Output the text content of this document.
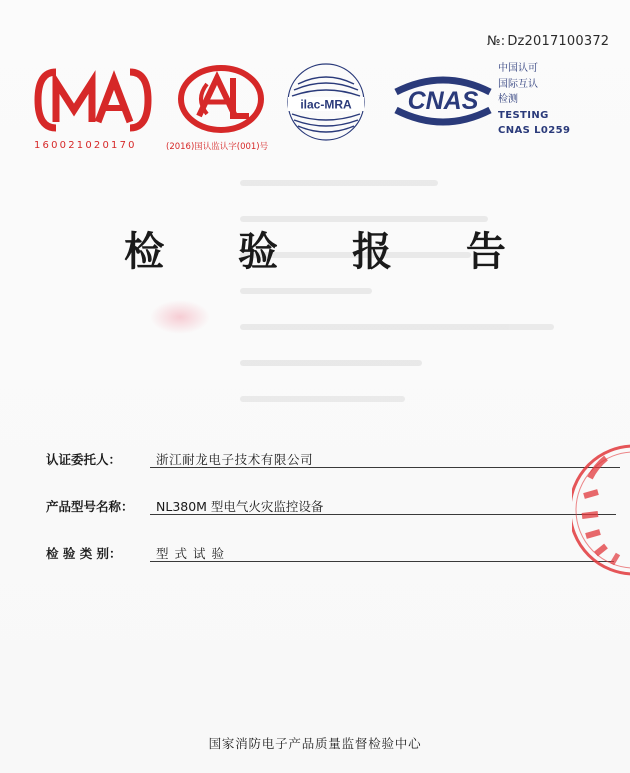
№: Dz2017100372
160021020170	(2016)国认监认字(001)号
ilac-MRA CNAS
中国认可
国际互认
检测
TESTING
CNAS L0259
检 验 报 告
认证委托人：	浙江耐龙电子技术有限公司
产品型号名称： NL380M 型电气火灾监控设备
检 验 类 别：	型式试验
国家消防电子产品质量监督检验中心
